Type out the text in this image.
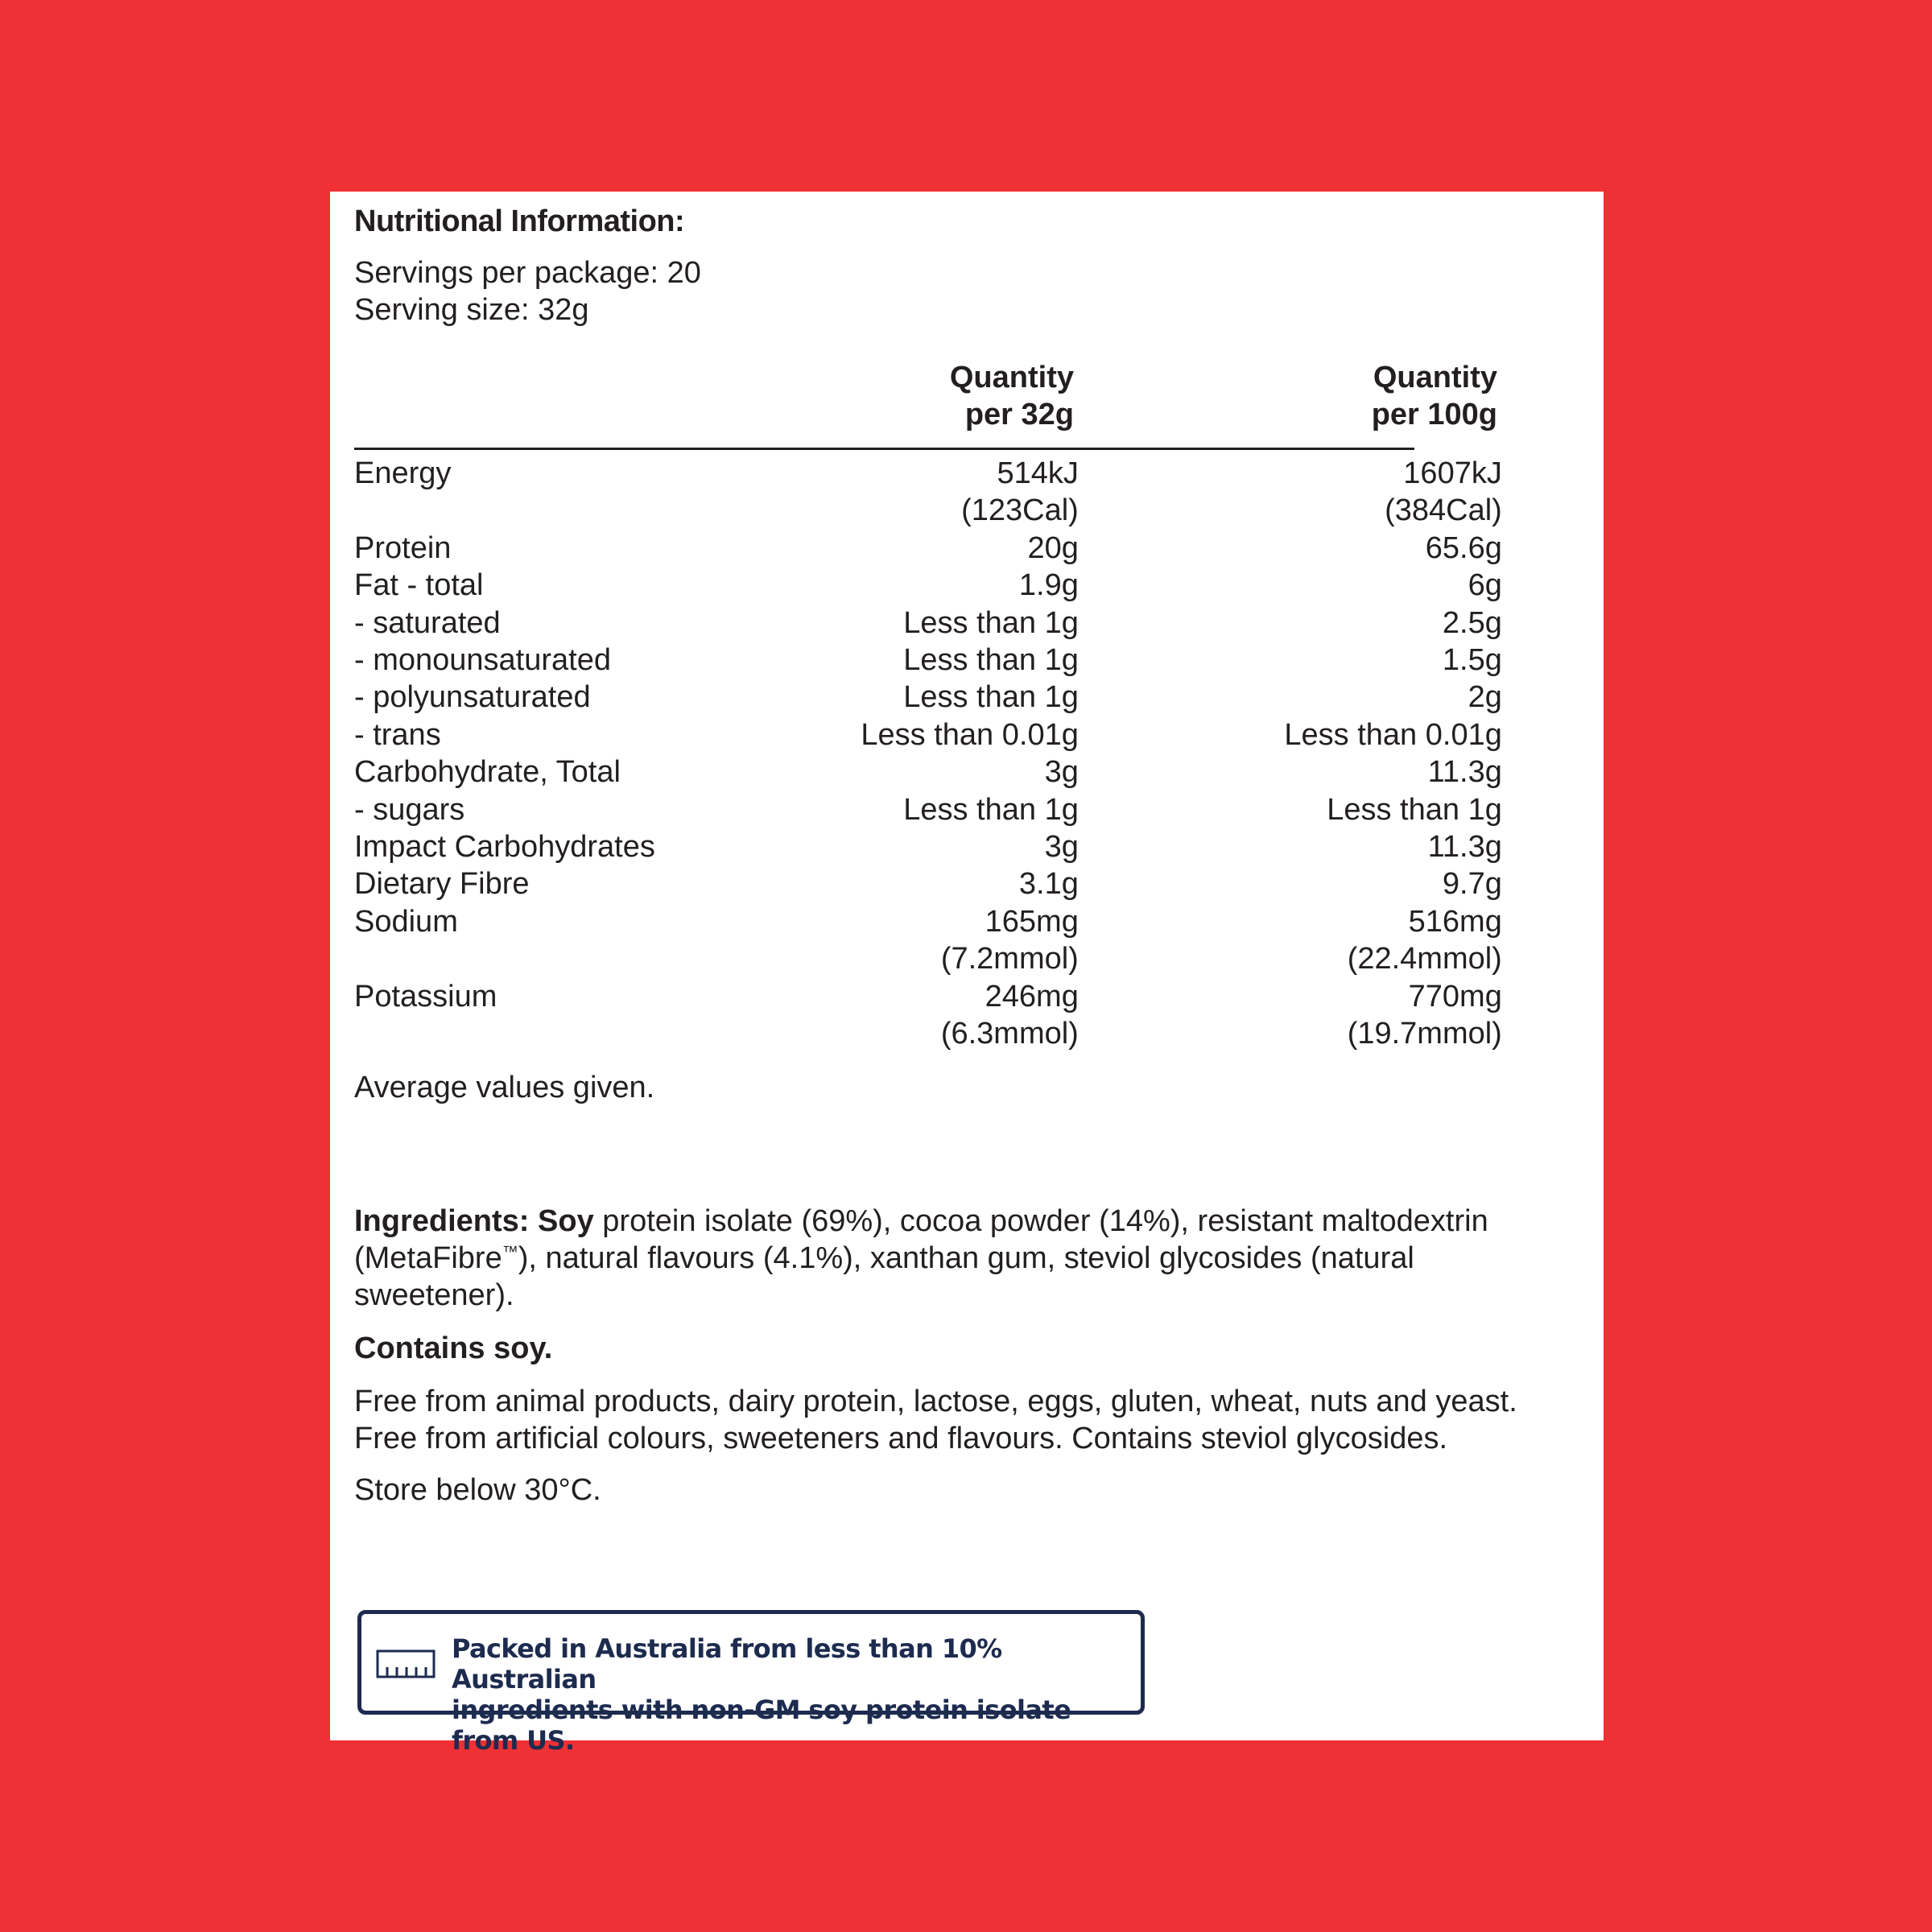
Nutritional Information:
Servings per package: 20
Serving size: 32g
Quantity
per 32g
Quantity
per 100g
Energy	514kJ	1607kJ
	(123Cal)	(384Cal)
Protein	20g	65.6g
Fat - total	1.9g	6g
- saturated	Less than 1g	2.5g
- monounsaturated	Less than 1g	1.5g
- polyunsaturated	Less than 1g	2g
- trans	Less than 0.01g	Less than 0.01g
Carbohydrate, Total	3g	11.3g
- sugars	Less than 1g	Less than 1g
Impact Carbohydrates	3g	11.3g
Dietary Fibre	3.1g	9.7g
Sodium	165mg	516mg
	(7.2mmol)	(22.4mmol)
Potassium	246mg	770mg
	(6.3mmol)	(19.7mmol)
Average values given.
Ingredients: Soy protein isolate (69%), cocoa powder (14%), resistant maltodextrin
(MetaFibre™), natural flavours (4.1%), xanthan gum, steviol glycosides (natural sweetener).
Contains soy.
Free from animal products, dairy protein, lactose, eggs, gluten, wheat, nuts and yeast.
Free from artificial colours, sweeteners and flavours. Contains steviol glycosides.
Store below 30°C.
Packed in Australia from less than 10% Australian
ingredients with non-GM soy protein isolate from US.
